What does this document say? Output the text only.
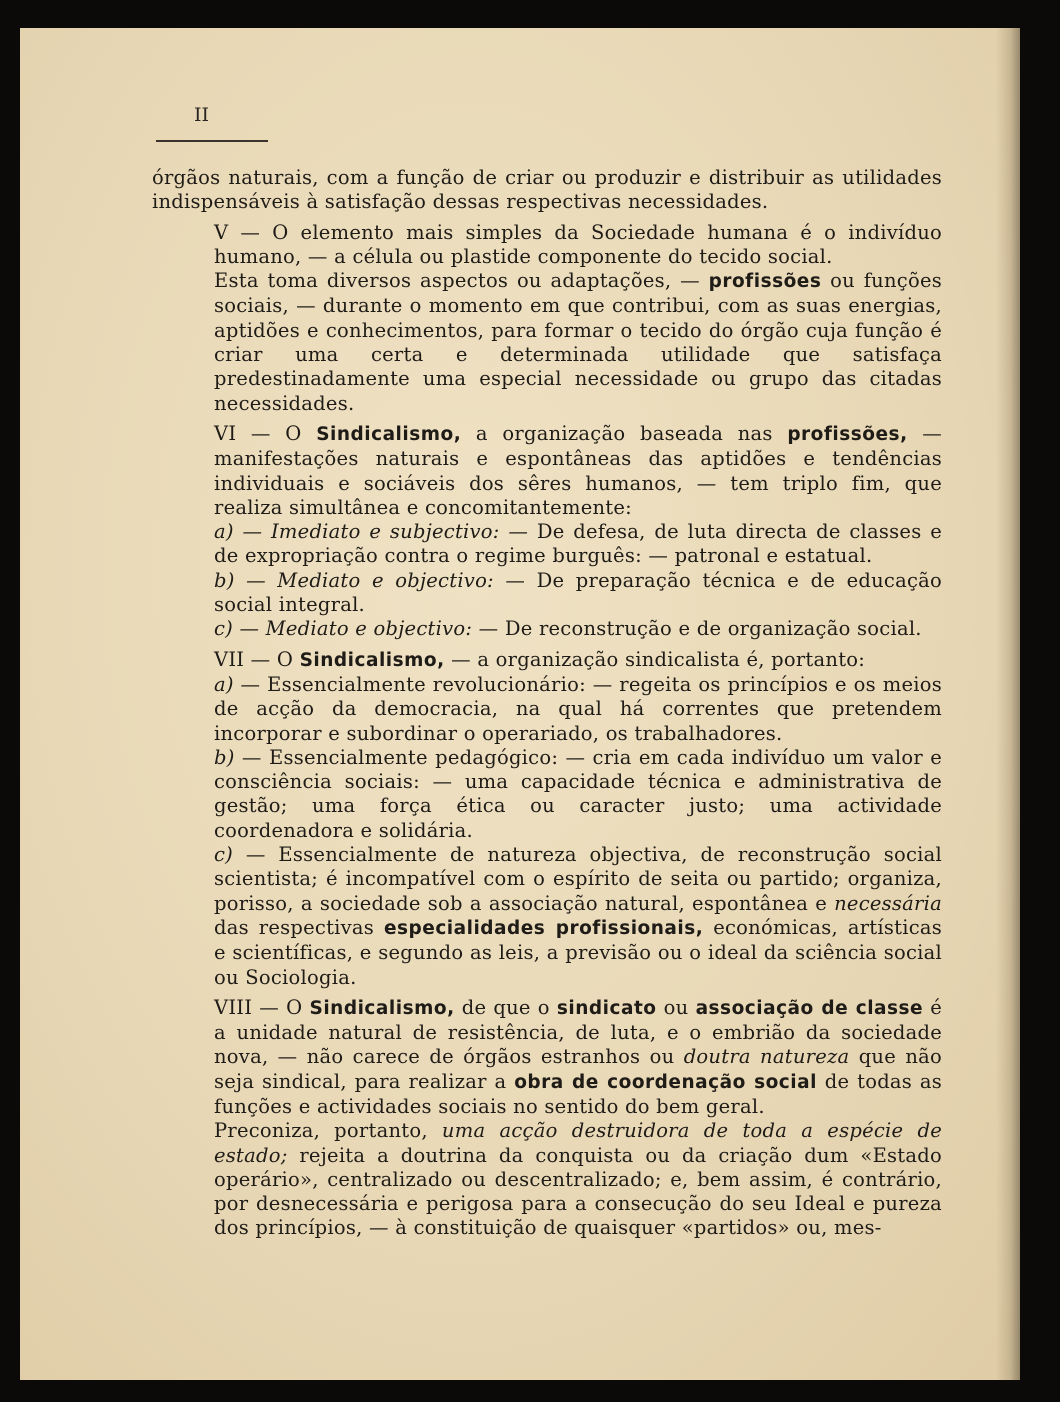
II

órgãos naturais, com a função de criar ou produzir e distribuir as utilidades indispensáveis à satisfação dessas respectivas necessidades.

V — O elemento mais simples da Sociedade humana é o indivíduo humano, — a célula ou plastide componente do tecido social.

Esta toma diversos aspectos ou adaptações, — profissões ou funções sociais, — durante o momento em que contribui, com as suas energias, aptidões e conhecimentos, para formar o tecido do órgão cuja função é criar uma certa e determinada utilidade que satisfaça predestinadamente uma especial necessidade ou grupo das citadas necessidades.

VI — O Sindicalismo, a organização baseada nas profissões, — manifestações naturais e espontâneas das aptidões e tendências individuais e sociáveis dos sêres humanos, — tem triplo fim, que realiza simultânea e concomitantemente:

a) — Imediato e subjectivo: — De defesa, de luta directa de classes e de expropriação contra o regime burguês: — patronal e estatual.

b) — Mediato e objectivo: — De preparação técnica e de educação social integral.

c) — Mediato e objectivo: — De reconstrução e de organização social.

VII — O Sindicalismo, — a organização sindicalista é, portanto:

a) — Essencialmente revolucionário: — regeita os princípios e os meios de acção da democracia, na qual há correntes que pretendem incorporar e subordinar o operariado, os trabalhadores.

b) — Essencialmente pedagógico: — cria em cada indivíduo um valor e consciência sociais: — uma capacidade técnica e administrativa de gestão; uma força ética ou caracter justo; uma actividade coordenadora e solidária.

c) — Essencialmente de natureza objectiva, de reconstrução social scientista; é incompatível com o espírito de seita ou partido; organiza, porisso, a sociedade sob a associação natural, espontânea e necessária das respectivas especialidades profissionais, económicas, artísticas e scientíficas, e segundo as leis, a previsão ou o ideal da sciência social ou Sociologia.

VIII — O Sindicalismo, de que o sindicato ou associação de classe é a unidade natural de resistência, de luta, e o embrião da sociedade nova, — não carece de órgãos estranhos ou doutra natureza que não seja sindical, para realizar a obra de coordenação social de todas as funções e actividades sociais no sentido do bem geral.

Preconiza, portanto, uma acção destruidora de toda a espécie de estado; rejeita a doutrina da conquista ou da criação dum «Estado operário», centralizado ou descentralizado; e, bem assim, é contrário, por desnecessária e perigosa para a consecução do seu Ideal e pureza dos princípios, — à constituição de quaisquer «partidos» ou, mes-
